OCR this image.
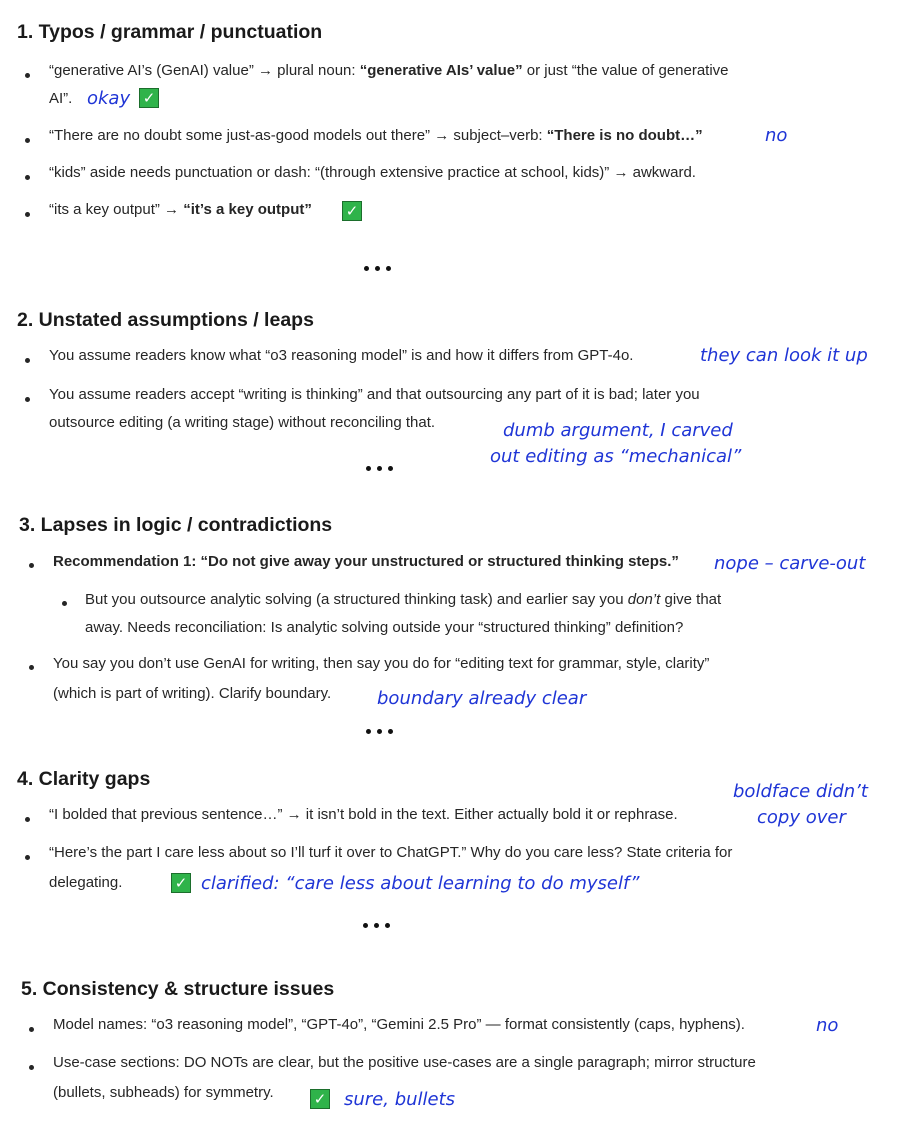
1. Typos / grammar / punctuation
“generative AI’s (GenAI) value” → plural noun: “generative AIs’ value” or just “the value of generative
AI”. okay ✓
“There are no doubt some just-as-good models out there” → subject–verb: “There is no doubt…”	no
“kids” aside needs punctuation or dash: “(through extensive practice at school, kids)” → awkward.
“its a key output” → “it’s a key output” ✓
2. Unstated assumptions / leaps
You assume readers know what “o3 reasoning model” is and how it differs from GPT-4o.	they can look it up
You assume readers accept “writing is thinking” and that outsourcing any part of it is bad; later you
outsource editing (a writing stage) without reconciling that.	dumb argument, I carved
out editing as “mechanical”
3. Lapses in logic / contradictions
Recommendation 1: “Do not give away your unstructured or structured thinking steps.” nope – carve-out
But you outsource analytic solving (a structured thinking task) and earlier say you don’t give that
away. Needs reconciliation: Is analytic solving outside your “structured thinking” definition?
You say you don’t use GenAI for writing, then say you do for “editing text for grammar, style, clarity”
(which is part of writing). Clarify boundary.	boundary already clear
4. Clarity gaps
boldface didn’t
copy over
“I bolded that previous sentence…” → it isn’t bold in the text. Either actually bold it or rephrase.
“Here’s the part I care less about so I’ll turf it over to ChatGPT.” Why do you care less? State criteria for
delegating.	✓ clarified: “care less about learning to do myself”
5. Consistency & structure issues
Model names: “o3 reasoning model”, “GPT-4o”, “Gemini 2.5 Pro” — format consistently (caps, hyphens).	no
Use-case sections: DO NOTs are clear, but the positive use-cases are a single paragraph; mirror structure
(bullets, subheads) for symmetry.	✓ sure, bullets
